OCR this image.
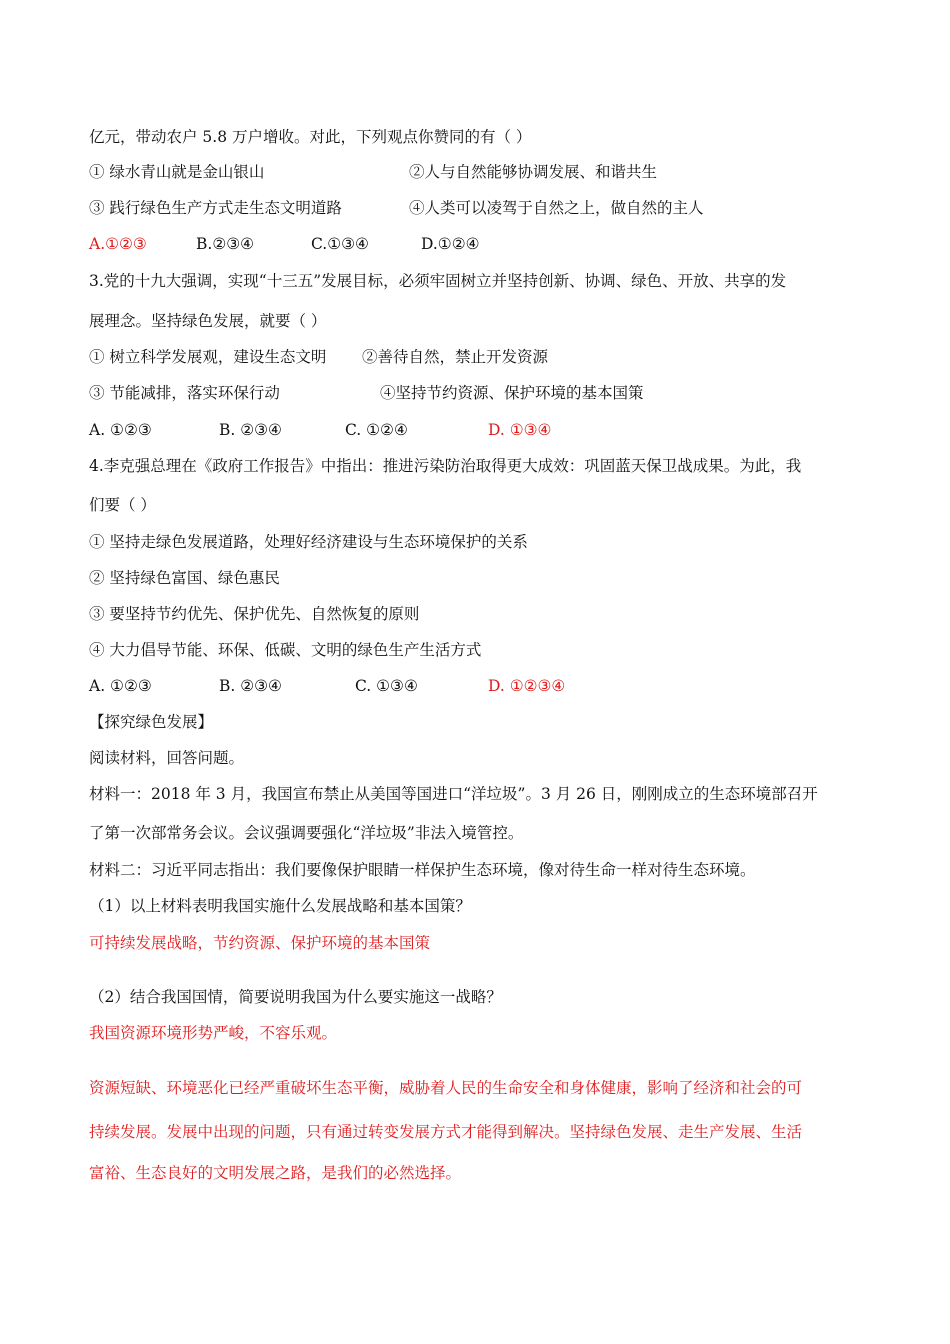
亿元，带动农户 5.8 万户增收。对此，下列观点你赞同的有（ ）
① 绿水青山就是金山银山	②人与自然能够协调发展、和谐共生
③ 践行绿色生产方式走生态文明道路	④人类可以凌驾于自然之上，做自然的主人
A.①②③	B.②③④	C.①③④	D.①②④
3.党的十九大强调，实现“十三五”发展目标，必须牢固树立并坚持创新、协调、绿色、开放、共享的发
展理念。坚持绿色发展，就要（ ）
① 树立科学发展观，建设生态文明 ②善待自然，禁止开发资源
③ 节能减排，落实环保行动	④坚持节约资源、保护环境的基本国策
A. ①②③	B. ②③④	C. ①②④	D. ①③④
4.李克强总理在《政府工作报告》中指出：推进污染防治取得更大成效：巩固蓝天保卫战成果。为此，我
们要（ ）
① 坚持走绿色发展道路，处理好经济建设与生态环境保护的关系
② 坚持绿色富国、绿色惠民
③ 要坚持节约优先、保护优先、自然恢复的原则
④ 大力倡导节能、环保、低碳、文明的绿色生产生活方式
A. ①②③	B. ②③④	C. ①③④	D. ①②③④
【探究绿色发展】
阅读材料，回答问题。
材料一：2018 年 3 月，我国宣布禁止从美国等国进口“洋垃圾”。3 月 26 日，刚刚成立的生态环境部召开
了第一次部常务会议。会议强调要强化“洋垃圾”非法入境管控。
材料二：习近平同志指出：我们要像保护眼睛一样保护生态环境，像对待生命一样对待生态环境。
（1）以上材料表明我国实施什么发展战略和基本国策？
可持续发展战略，节约资源、保护环境的基本国策
（2）结合我国国情，简要说明我国为什么要实施这一战略？
我国资源环境形势严峻，不容乐观。
资源短缺、环境恶化已经严重破坏生态平衡，威胁着人民的生命安全和身体健康，影响了经济和社会的可
持续发展。发展中出现的问题，只有通过转变发展方式才能得到解决。坚持绿色发展、走生产发展、生活
富裕、生态良好的文明发展之路，是我们的必然选择。
